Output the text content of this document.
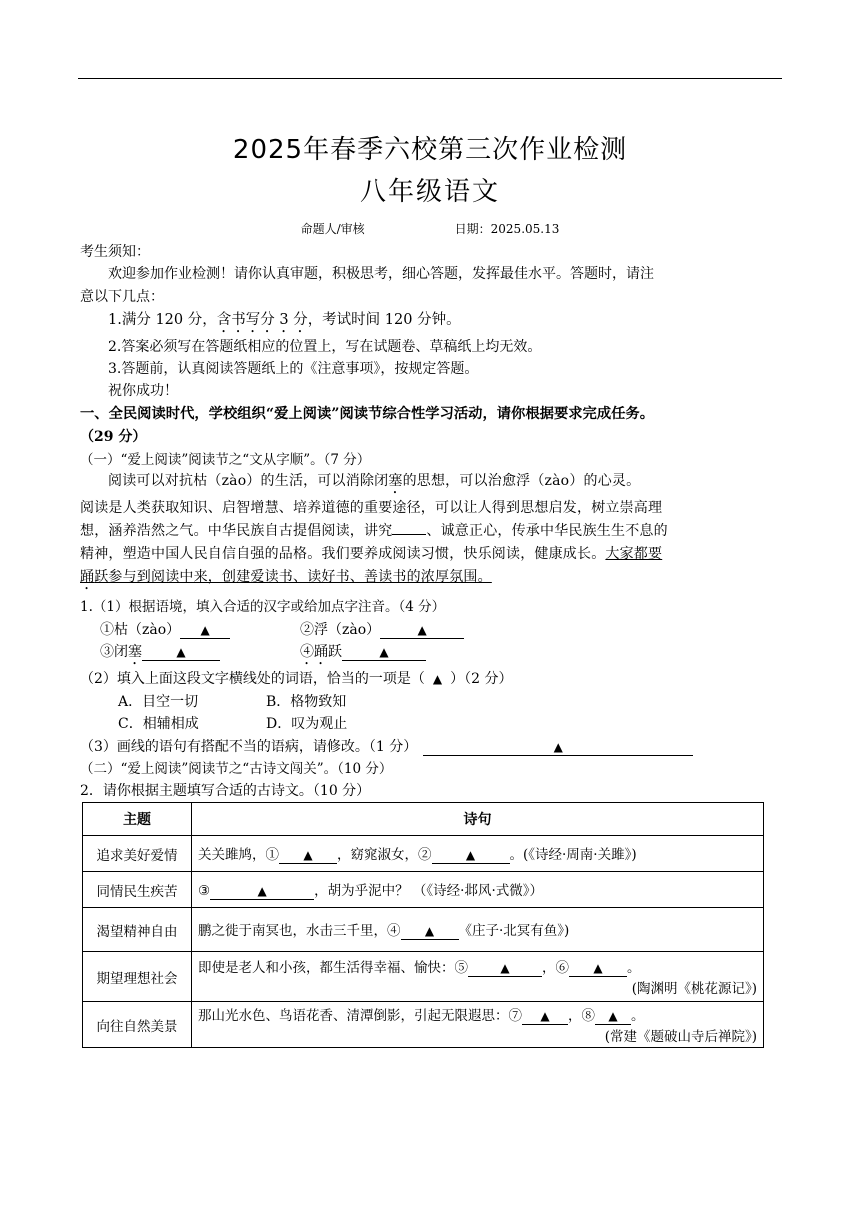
2025年春季六校第三次作业检测
八年级语文
命题人/审核	日期：2025.05.13
考生须知：
欢迎参加作业检测！请你认真审题，积极思考，细心答题，发挥最佳水平。答题时，请注
意以下几点：
1.满分 120 分，含书写分 3 分，考试时间 120 分钟。
2.答案必须写在答题纸相应的位置上，写在试题卷、草稿纸上均无效。
3.答题前，认真阅读答题纸上的《注意事项》，按规定答题。
祝你成功！
一、全民阅读时代，学校组织“爱上阅读”阅读节综合性学习活动，请你根据要求完成任务。
（29 分）
（一）“爱上阅读”阅读节之“文从字顺”。（7 分）
阅读可以对抗枯（zào）的生活，可以消除闭塞的思想，可以治愈浮（zào）的心灵。
阅读是人类获取知识、启智增慧、培养道德的重要途径，可以让人得到思想启发，树立崇高理
想，涵养浩然之气。中华民族自古提倡阅读，讲究 、诚意正心，传承中华民族生生不息的
精神，塑造中国人民自信自强的品格。我们要养成阅读习惯，快乐阅读，健康成长。大家都要
踊跃参与到阅读中来，创建爱读书、读好书、善读书的浓厚氛围。
1.（1）根据语境，填入合适的汉字或给加点字注音。（4 分）
①枯（zào） ▲	②浮（zào）	▲
③闭塞	▲	④踊跃	▲
（2）填入上面这段文字横线处的词语，恰当的一项是（ ▲ ）（2 分）
A．目空一切	B．格物致知
C．相辅相成	D．叹为观止
（3）画线的语句有搭配不当的语病，请修改。（1 分）	▲
（二）“爱上阅读”阅读节之“古诗文闯关”。（10 分）
2．请你根据主题填写合适的古诗文。（10 分）
主题	诗句
追求美好爱情	关关雎鸠，① ▲ ，窈窕淑女，② ▲ 。(《诗经·周南·关雎》)
同情民生疾苦	③ ▲ ，胡为乎泥中？ （《诗经·邶风·式微》）
渴望精神自由	鹏之徙于南冥也，水击三千里，④ ▲ 《庄子·北冥有鱼》)
期望理想社会	即使是老人和小孩，都生活得幸福、愉快：⑤ ▲ ，⑥ ▲ 。
(陶渊明《桃花源记》)

向往自然美景	那山光水色、鸟语花香、清潭倒影，引起无限遐思：⑦ ▲ ，⑧ ▲ 。
(常建《题破山寺后禅院》)
